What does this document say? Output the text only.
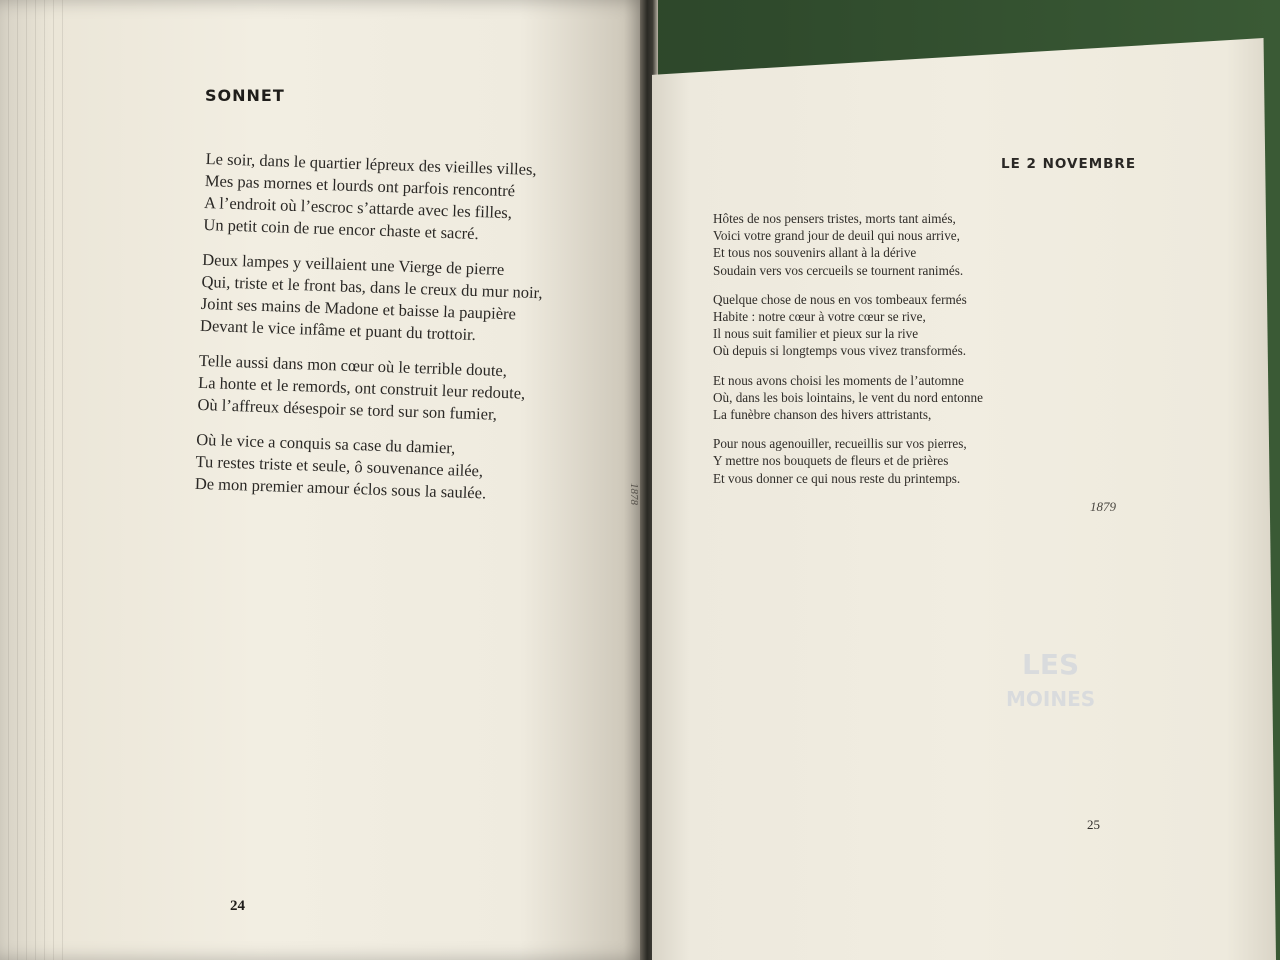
SONNET
Le soir, dans le quartier lépreux des vieilles villes,
Mes pas mornes et lourds ont parfois rencontré
A l’endroit où l’escroc s’attarde avec les filles,
Un petit coin de rue encor chaste et sacré.
Deux lampes y veillaient une Vierge de pierre
Qui, triste et le front bas, dans le creux du mur noir,
Joint ses mains de Madone et baisse la paupière
Devant le vice infâme et puant du trottoir.
Telle aussi dans mon cœur où le terrible doute,
La honte et le remords, ont construit leur redoute,
Où l’affreux désespoir se tord sur son fumier,
Où le vice a conquis sa case du damier,
Tu restes triste et seule, ô souvenance ailée,
De mon premier amour éclos sous la saulée.	1878
24
LES
MOINES
LE 2 NOVEMBRE
Hôtes de nos pensers tristes, morts tant aimés,
Voici votre grand jour de deuil qui nous arrive,
Et tous nos souvenirs allant à la dérive
Soudain vers vos cercueils se tournent ranimés.
Quelque chose de nous en vos tombeaux fermés
Habite : notre cœur à votre cœur se rive,
Il nous suit familier et pieux sur la rive
Où depuis si longtemps vous vivez transformés.
Et nous avons choisi les moments de l’automne
Où, dans les bois lointains, le vent du nord entonne
La funèbre chanson des hivers attristants,
Pour nous agenouiller, recueillis sur vos pierres,
Y mettre nos bouquets de fleurs et de prières
Et vous donner ce qui nous reste du printemps.
1879
25
